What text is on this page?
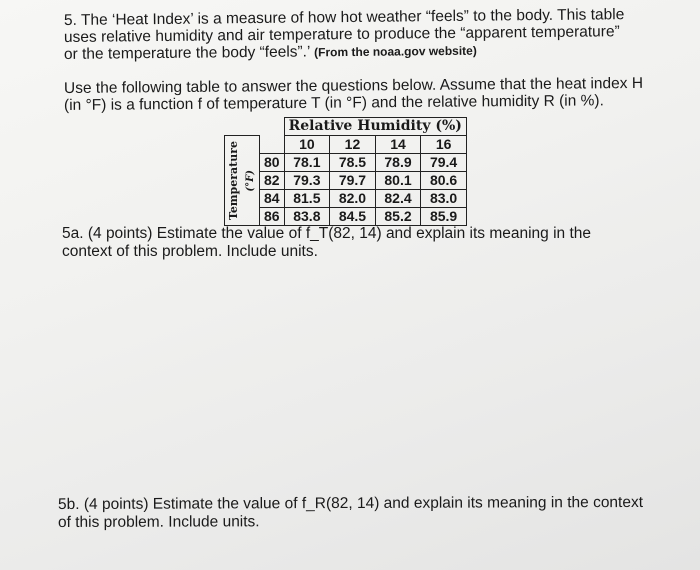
5. The ‘Heat Index’ is a measure of how hot weather “feels” to the body. This table
uses relative humidity and air temperature to produce the “apparent temperature”
or the temperature the body “feels”.’ (From the noaa.gov website)
Use the following table to answer the questions below. Assume that the heat index H
(in °F) is a function f of temperature T (in °F) and the relative humidity R (in %).
		Relative Humidity (%)			

Temperature (°F)		10	12	14	16
	80	78.1	78.5	78.9	79.4
	82	79.3	79.7	80.1	80.6
	84	81.5	82.0	82.4	83.0
	86	83.8	84.5	85.2	85.9
5a. (4 points) Estimate the value of f_T(82, 14) and explain its meaning in the
context of this problem. Include units.
5b. (4 points) Estimate the value of f_R(82, 14) and explain its meaning in the context
of this problem. Include units.
